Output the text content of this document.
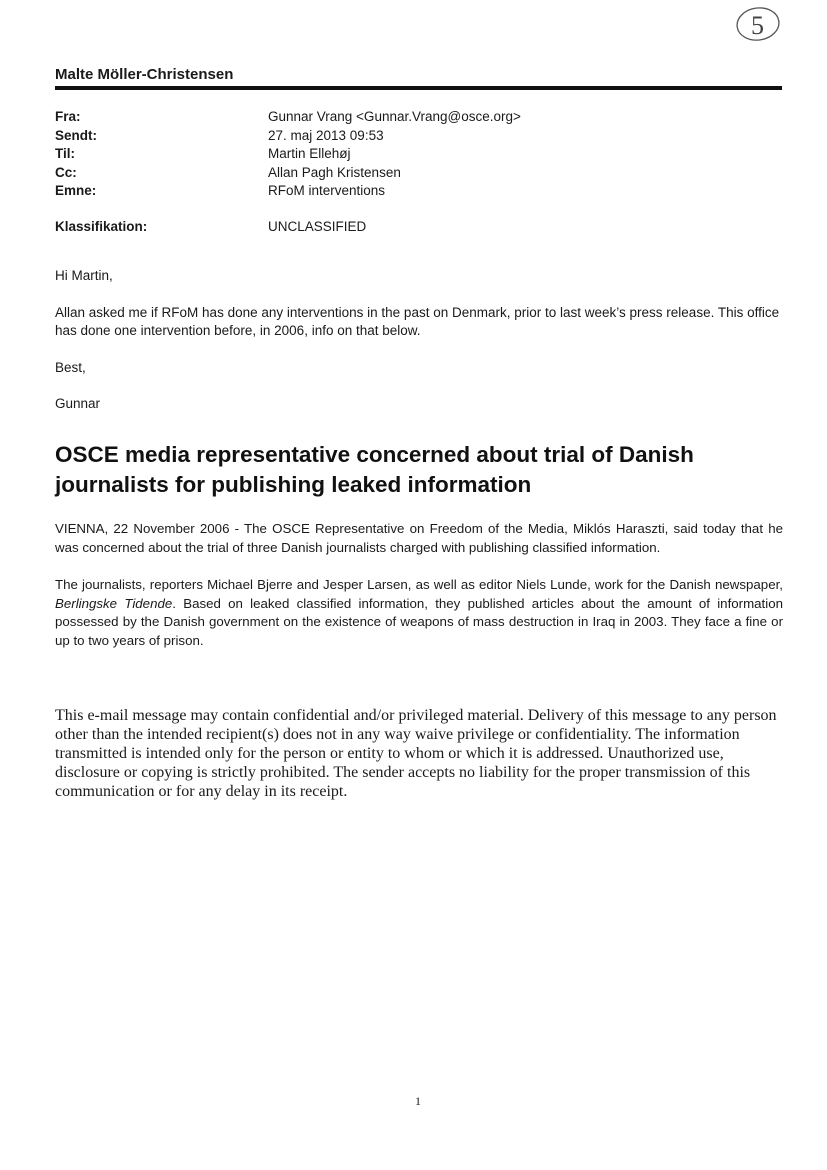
5
Malte Möller-Christensen
Fra:	Gunnar Vrang <Gunnar.Vrang@osce.org>
Sendt:	27. maj 2013 09:53
Til:	Martin Ellehøj
Cc:	Allan Pagh Kristensen
Emne:	RFoM interventions
Klassifikation:	UNCLASSIFIED

Hi Martin,

Allan asked me if RFoM has done any interventions in the past on Denmark, prior to last week’s press release. This office has done one intervention before, in 2006, info on that below.

Best,

Gunnar

OSCE media representative concerned about trial of Danish journalists for publishing leaked information

VIENNA, 22 November 2006 - The OSCE Representative on Freedom of the Media, Miklós Haraszti, said today that he was concerned about the trial of three Danish journalists charged with publishing classified information.

The journalists, reporters Michael Bjerre and Jesper Larsen, as well as editor Niels Lunde, work for the Danish newspaper, Berlingske Tidende. Based on leaked classified information, they published articles about the amount of information possessed by the Danish government on the existence of weapons of mass destruction in Iraq in 2003. They face a fine or up to two years of prison.

This e-mail message may contain confidential and/or privileged material. Delivery of this message to any person other than the intended recipient(s) does not in any way waive privilege or confidentiality. The information transmitted is intended only for the person or entity to whom or which it is addressed. Unauthorized use, disclosure or copying is strictly prohibited. The sender accepts no liability for the proper transmission of this communication or for any delay in its receipt.
1
